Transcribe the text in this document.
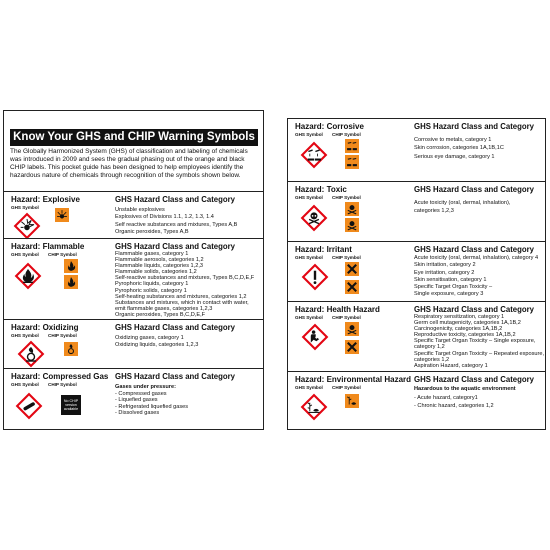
Know Your GHS and CHIP Warning Symbols
The Globally Harmonized System (GHS) of classification and labeling of chemicals was introduced in 2009 and sees the gradual phasing out of the orange and black CHIP labels. This pocket guide has been designed to help employees identify the hazardous nature of chemicals through recognition of the symbols shown below.
Hazard: Explosive
GHS Symbol
GHS Hazard Class and Category
Unstable explosives
Explosives of Divisions 1.1, 1.2, 1.3, 1.4
Self reactive substances and mixtures, Types A,B
Organic peroxides, Types A,B
Hazard: Flammable
GHS Symbol CHIP Symbol
GHS Hazard Class and Category
Flammable gases, category 1
Flammable aerosols, categories 1,2
Flammable liquids, categories 1,2,3
Flammable solids, categories 1,2
Self-reactive substances and mixtures, Types B,C,D,E,F
Pyrophoric liquids, category 1
Pyrophoric solids, category 1
Self-heating substances and mixtures, categories 1,2
Substances and mixtures, which in contact with water,
emit flammable gases, categories 1,2,3
Organic peroxides, Types B,C,D,E,F
Hazard: Oxidizing
GHS Symbol CHIP Symbol
GHS Hazard Class and Category
Oxidizing gases, category 1
Oxidizing liquids, categories 1,2,3
Hazard: Compressed Gas
GHS Symbol CHIP Symbol
No CHIP version available
GHS Hazard Class and Category
Gases under pressure:
- Compressed gases
- Liquefied gases
- Refrigerated liquefied gases
- Dissolved gases
Hazard: Corrosive
GHS Symbol CHIP Symbol
GHS Hazard Class and Category
Corrosive to metals, category 1
Skin corrosion, categories 1A,1B,1C
Serious eye damage, category 1
Hazard: Toxic
GHS Symbol CHIP Symbol
GHS Hazard Class and Category
Acute toxicity (oral, dermal, inhalation),
categories 1,2,3
Hazard: Irritant
GHS Symbol CHIP Symbol
GHS Hazard Class and Category
Acute toxicity (oral, dermal, inhalation), category 4
Skin irritation, category 2
Eye irritation, category 2
Skin sensitisation, category 1
Specific Target Organ Toxicity –
Single exposure, category 3
Hazard: Health Hazard
GHS Symbol CHIP Symbol
GHS Hazard Class and Category
Respiratory sensitization, category 1
Germ cell mutagenicity, categories 1A,1B,2
Carcinogenicity, categories 1A,1B,2
Reproductive toxicity, categories 1A,1B,2
Specific Target Organ Toxicity – Single exposure,
category 1,2
Specific Target Organ Toxicity – Repeated exposure,
categories 1,2
Aspiration Hazard, category 1
Hazard: Environmental Hazard
GHS Symbol CHIP Symbol
GHS Hazard Class and Category
Hazardous to the aquatic environment
- Acute hazard, category1
- Chronic hazard, categories 1,2
